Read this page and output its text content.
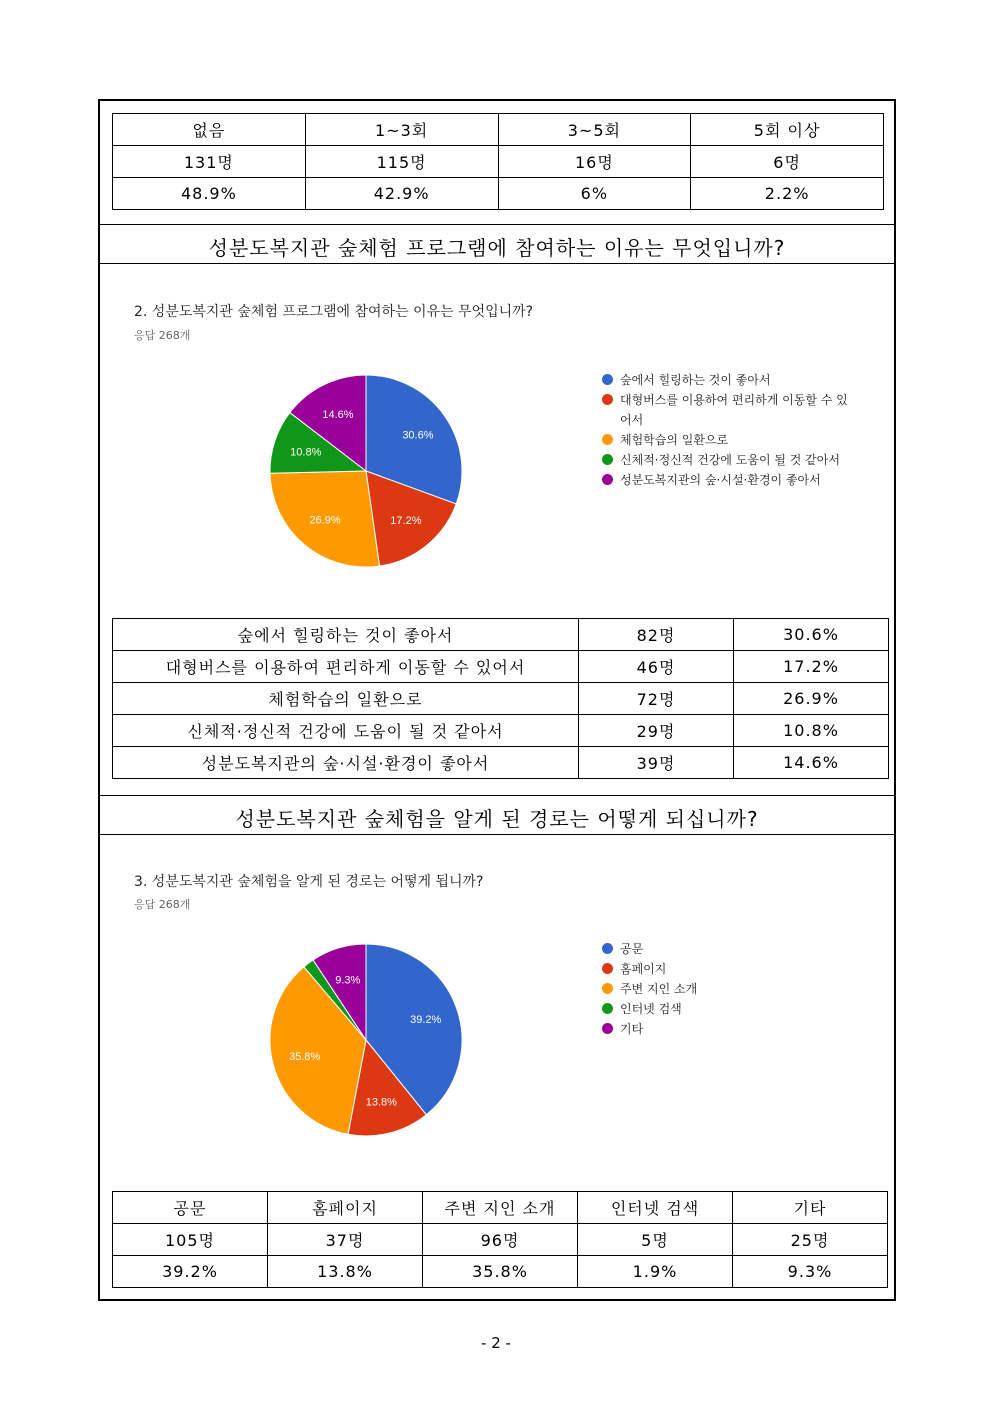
없음	1~3회	3~5회	5회 이상
131명	115명	16명	6명
48.9%	42.9%	6%	2.2%
성분도복지관 숲체험 프로그램에 참여하는 이유는 무엇입니까?
2. 성분도복지관 숲체험 프로그램에 참여하는 이유는 무엇입니까?
응답 268개
30.6%
17.2%
26.9%
10.8%
14.6%
숲에서 힐링하는 것이 좋아서
대형버스를 이용하여 편리하게 이동할 수 있어서
체험학습의 일환으로
신체적·정신적 건강에 도움이 될 것 같아서
성분도복지관의 숲·시설·환경이 좋아서
숲에서 힐링하는 것이 좋아서	82명	30.6%
대형버스를 이용하여 편리하게 이동할 수 있어서	46명	17.2%
체험학습의 일환으로	72명	26.9%
신체적·정신적 건강에 도움이 될 것 같아서	29명	10.8%
성분도복지관의 숲·시설·환경이 좋아서	39명	14.6%
성분도복지관 숲체험을 알게 된 경로는 어떻게 되십니까?
3. 성분도복지관 숲체험을 알게 된 경로는 어떻게 됩니까?
응답 268개
39.2%
13.8%
35.8%
9.3%
공문
홈페이지
주변 지인 소개
인터넷 검색
기타
공문	홈페이지	주변 지인 소개	인터넷 검색	기타
105명	37명	96명	5명	25명
39.2%	13.8%	35.8%	1.9%	9.3%
- 2 -
